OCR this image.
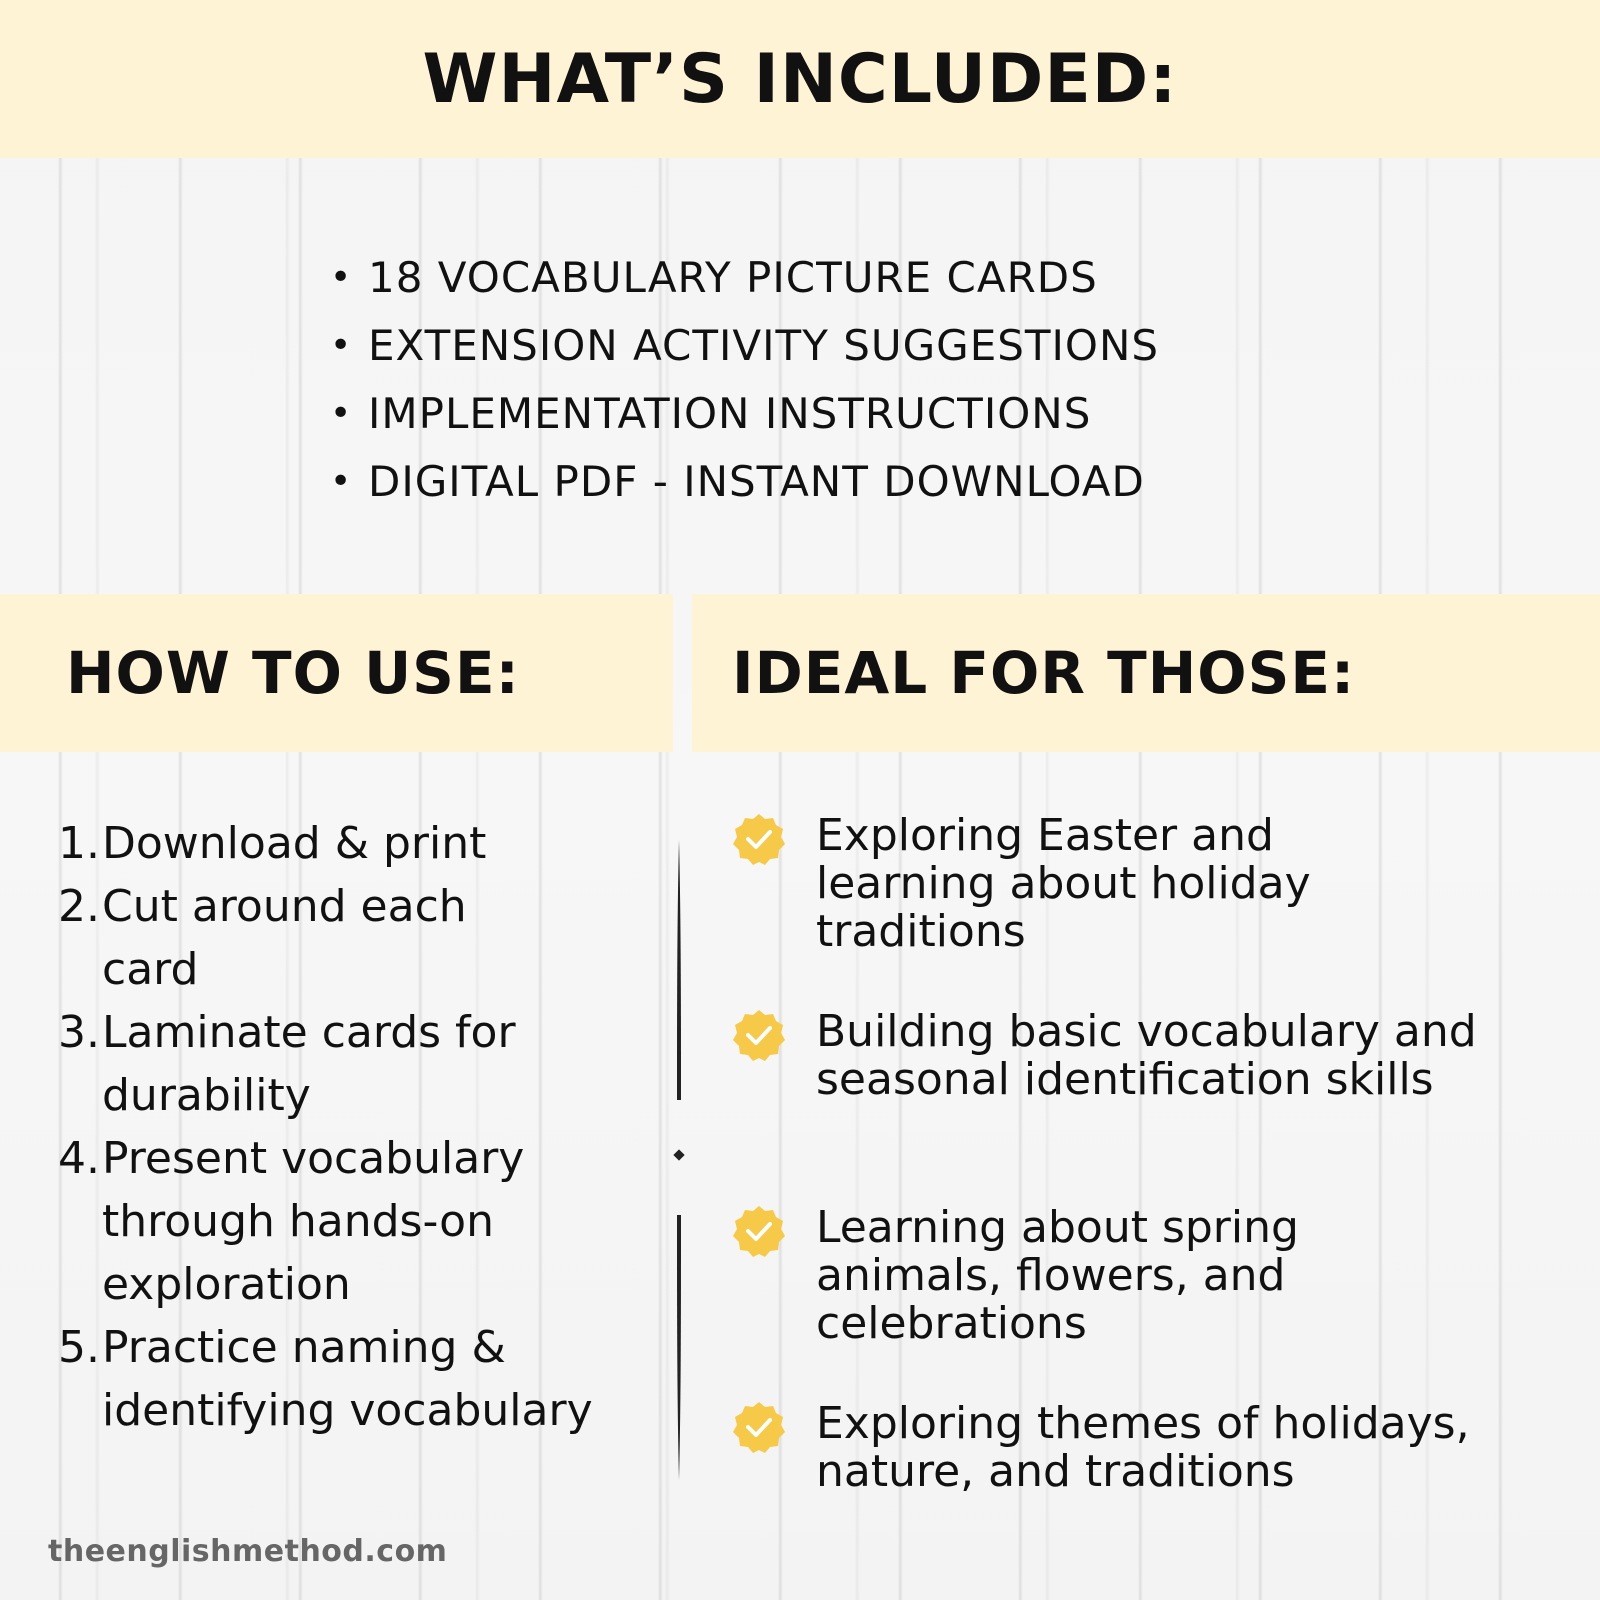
WHAT’S INCLUDED:
• 18 VOCABULARY PICTURE CARDS
• EXTENSION ACTIVITY SUGGESTIONS
• IMPLEMENTATION INSTRUCTIONS
• DIGITAL PDF - INSTANT DOWNLOAD
HOW TO USE:	IDEAL FOR THOSE:
1. Download & print
2. Cut around each card
3. Laminate cards for durability
4. Present vocabulary through hands-on exploration
5. Practice naming & identifying vocabulary
Exploring Easter and learning about holiday traditions
Building basic vocabulary and seasonal identification skills
Learning about spring animals, flowers, and celebrations
Exploring themes of holidays, nature, and traditions
theenglishmethod.com
